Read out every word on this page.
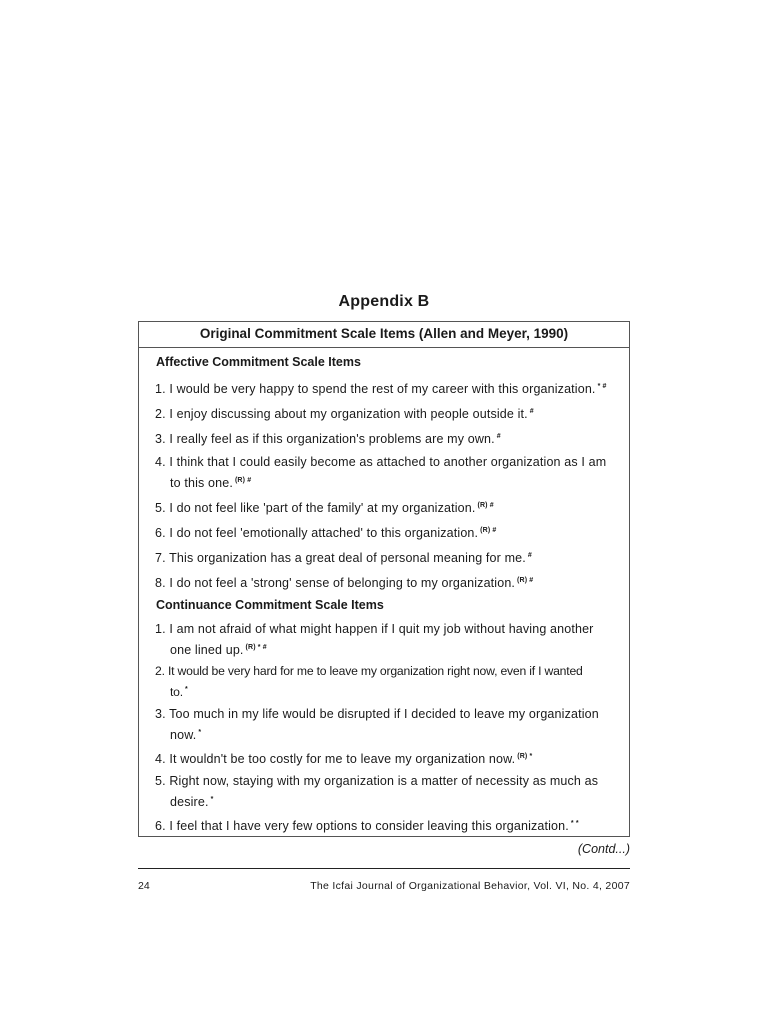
Appendix B
Original Commitment Scale Items (Allen and Meyer, 1990)
Affective Commitment Scale Items
1. I would be very happy to spend the rest of my career with this organization. * #
2. I enjoy discussing about my organization with people outside it. #
3. I really feel as if this organization's problems are my own. #
4. I think that I could easily become as attached to another organization as I am
to this one. $^{(R) \#}$
5. I do not feel like 'part of the family' at my organization. $^{(R) \#}$
6. I do not feel 'emotionally attached' to this organization. $^{(R) \#}$
7. This organization has a great deal of personal meaning for me. #
8. I do not feel a 'strong' sense of belonging to my organization. $^{(R) \#}$
Continuance Commitment Scale Items
1. I am not afraid of what might happen if I quit my job without having another
one lined up. $^{(R) * \#}$
2. It would be very hard for me to leave my organization right now, even if I wanted
to. *
3. Too much in my life would be disrupted if I decided to leave my organization
now. *
4. It wouldn't be too costly for me to leave my organization now. $^{(R) *}$
5. Right now, staying with my organization is a matter of necessity as much as
desire. *
6. I feel that I have very few options to consider leaving this organization. * *
(Contd...)
24	The Icfai Journal of Organizational Behavior, Vol. VI, No. 4, 2007
